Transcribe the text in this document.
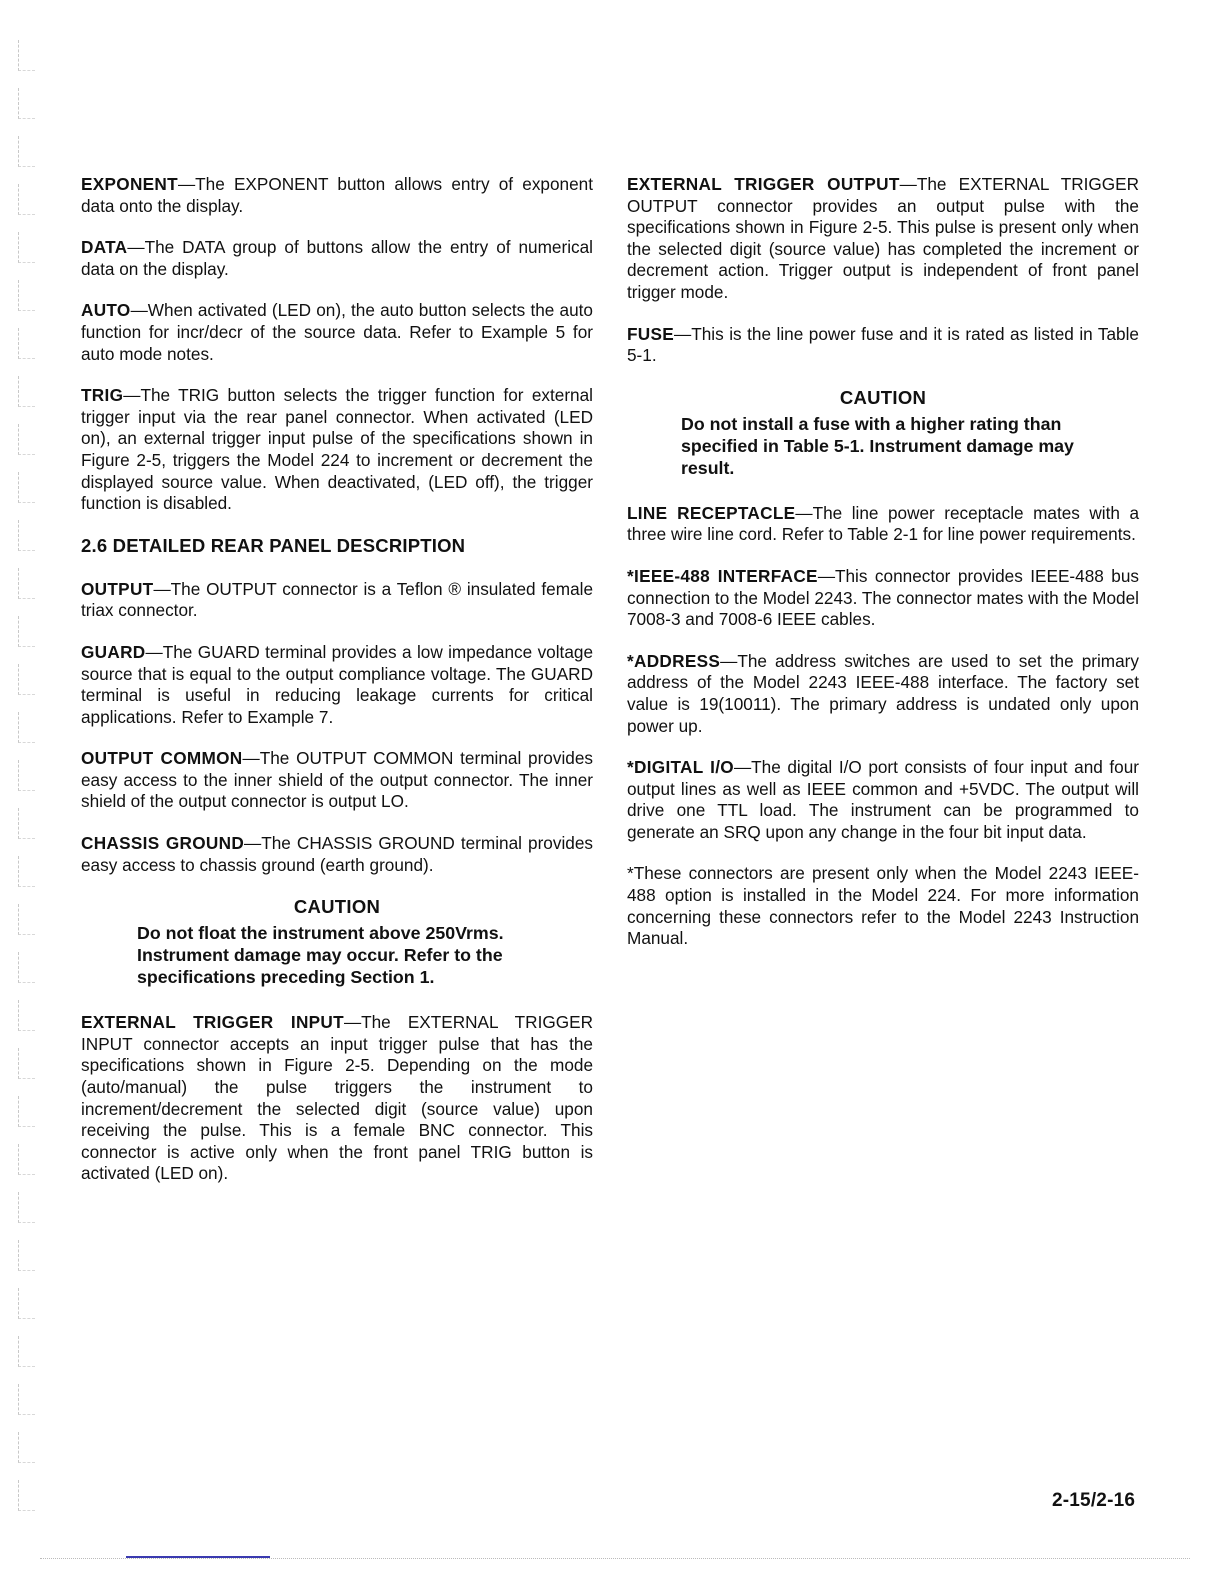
EXPONENT—The EXPONENT button allows entry of exponent data onto the display.

DATA—The DATA group of buttons allow the entry of numerical data on the display.

AUTO—When activated (LED on), the auto button selects the auto function for incr/decr of the source data. Refer to Example 5 for auto mode notes.

TRIG—The TRIG button selects the trigger function for external trigger input via the rear panel connector. When activated (LED on), an external trigger input pulse of the specifications shown in Figure 2-5, triggers the Model 224 to increment or decrement the displayed source value. When deactivated, (LED off), the trigger function is disabled.

2.6 DETAILED REAR PANEL DESCRIPTION

OUTPUT—The OUTPUT connector is a Teflon ® insulated female triax connector.

GUARD—The GUARD terminal provides a low impedance voltage source that is equal to the output compliance voltage. The GUARD terminal is useful in reducing leakage currents for critical applications. Refer to Example 7.

OUTPUT COMMON—The OUTPUT COMMON terminal provides easy access to the inner shield of the output connector. The inner shield of the output connector is output LO.

CHASSIS GROUND—The CHASSIS GROUND terminal provides easy access to chassis ground (earth ground).

CAUTION
Do not float the instrument above 250Vrms. Instrument damage may occur. Refer to the specifications preceding Section 1.

EXTERNAL TRIGGER INPUT—The EXTERNAL TRIGGER INPUT connector accepts an input trigger pulse that has the specifications shown in Figure 2-5. Depending on the mode (auto/manual) the pulse triggers the instrument to increment/decrement the selected digit (source value) upon receiving the pulse. This is a female BNC connector. This connector is active only when the front panel TRIG button is activated (LED on).

EXTERNAL TRIGGER OUTPUT—The EXTERNAL TRIGGER OUTPUT connector provides an output pulse with the specifications shown in Figure 2-5. This pulse is present only when the selected digit (source value) has completed the increment or decrement action. Trigger output is independent of front panel trigger mode.

FUSE—This is the line power fuse and it is rated as listed in Table 5-1.

CAUTION
Do not install a fuse with a higher rating than specified in Table 5-1. Instrument damage may result.

LINE RECEPTACLE—The line power receptacle mates with a three wire line cord. Refer to Table 2-1 for line power requirements.

*IEEE-488 INTERFACE—This connector provides IEEE-488 bus connection to the Model 2243. The connector mates with the Model 7008-3 and 7008-6 IEEE cables.

*ADDRESS—The address switches are used to set the primary address of the Model 2243 IEEE-488 interface. The factory set value is 19(10011). The primary address is undated only upon power up.

*DIGITAL I/O—The digital I/O port consists of four input and four output lines as well as IEEE common and +5VDC. The output will drive one TTL load. The instrument can be programmed to generate an SRQ upon any change in the four bit input data.

*These connectors are present only when the Model 2243 IEEE-488 option is installed in the Model 224. For more information concerning these connectors refer to the Model 2243 Instruction Manual.

2-15/2-16
